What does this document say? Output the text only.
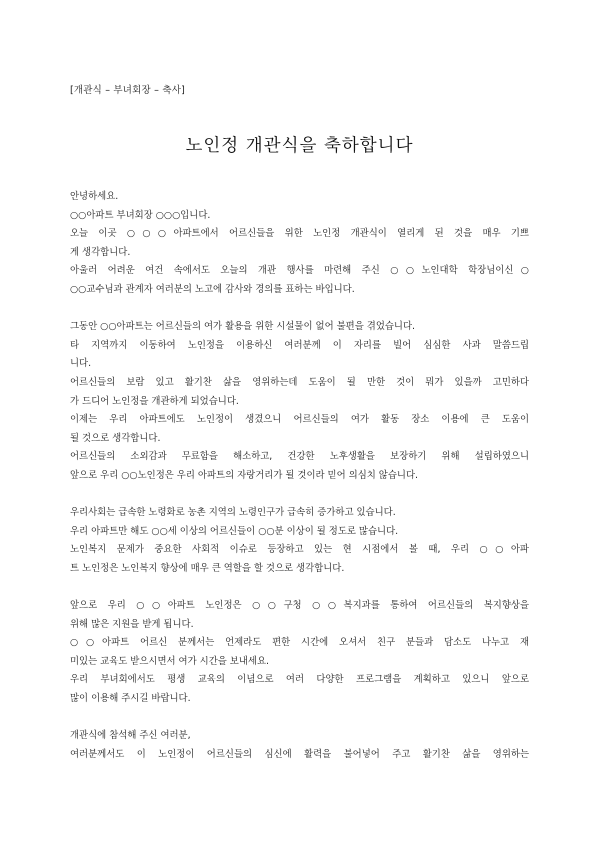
[개관식 – 부녀회장 – 축사]

노인정 개관식을 축하합니다
안녕하세요.
○○아파트 부녀회장 ○○○입니다.
오늘 이곳 ○○○아파트에서 어르신들을 위한 노인정 개관식이 열리게 된 것을 매우 기쁘
게 생각합니다.
아울러 어려운 여건 속에서도 오늘의 개관 행사를 마련해 주신 ○○노인대학 학장님이신○
○○교수님과 관계자 여러분의 노고에 감사와 경의를 표하는 바입니다.
그동안 ○○아파트는 어르신들의 여가 활용을 위한 시설물이 없어 불편을 겪었습니다.
타 지역까지 이동하여 노인정을 이용하신 여러분께 이 자리를 빌어 심심한 사과 말씀드립
니다.
어르신들의 보람 있고 활기찬 삶을 영위하는데 도움이 될 만한 것이 뭐가 있을까 고민하다
가 드디어 노인정을 개관하게 되었습니다.
이제는 우리 아파트에도 노인정이 생겼으니 어르신들의 여가 활동 장소 이용에 큰 도움이
될 것으로 생각합니다.
어르신들의 소외감과 무료함을 해소하고, 건강한 노후생활을 보장하기 위해 설립하였으니
앞으로 우리 ○○노인정은 우리 아파트의 자랑거리가 될 것이라 믿어 의심치 않습니다.
우리사회는 급속한 노령화로 농촌 지역의 노령인구가 급속히 증가하고 있습니다.
우리 아파트만 해도 ○○세 이상의 어르신들이 ○○분 이상이 될 정도로 많습니다.
노인복지 문제가 중요한 사회적 이슈로 등장하고 있는 현 시점에서 볼 때, 우리 ○○아파
트 노인정은 노인복지 향상에 매우 큰 역할을 할 것으로 생각합니다.
앞으로 우리 ○○아파트 노인정은 ○○구청 ○○복지과를 통하여 어르신들의 복지향상을
위해 많은 지원을 받게 됩니다.
○○아파트 어르신 분께서는 언제라도 편한 시간에 오셔서 친구 분들과 담소도 나누고 재
미있는 교육도 받으시면서 여가 시간을 보내세요.
우리 부녀회에서도 평생 교육의 이념으로 여러 다양한 프로그램을 계획하고 있으니 앞으로
많이 이용해 주시길 바랍니다.
개관식에 참석해 주신 여러분,
여러분께서도 이 노인정이 어르신들의 심신에 활력을 불어넣어 주고 활기찬 삶을 영위하는
